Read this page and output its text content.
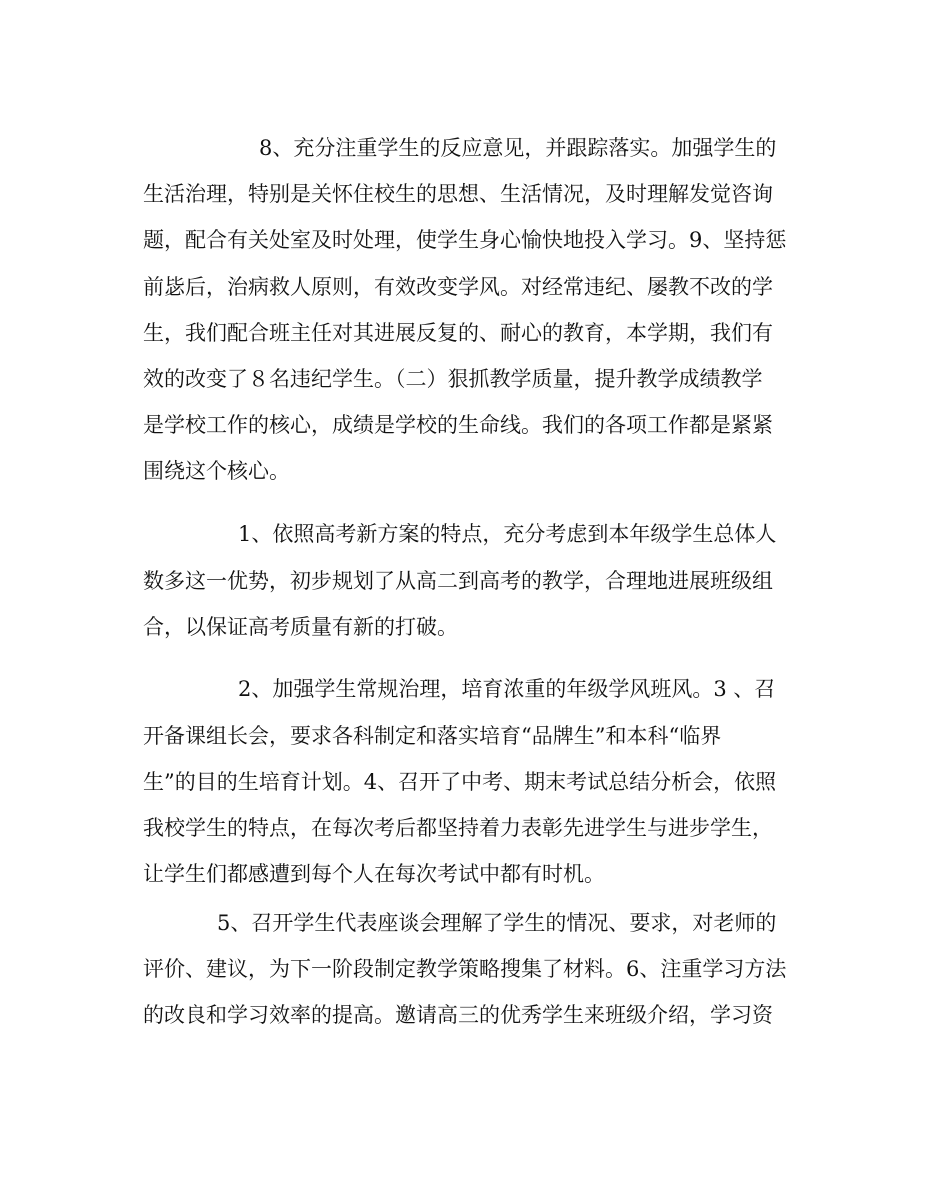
8、充分注重学生的反应意见，并跟踪落实。加强学生的
生活治理，特别是关怀住校生的思想、生活情况，及时理解发觉咨询
题，配合有关处室及时处理，使学生身心愉快地投入学习。9、坚持惩
前毖后，治病救人原则，有效改变学风。对经常违纪、屡教不改的学
生，我们配合班主任对其进展反复的、耐心的教育，本学期，我们有
效的改变了８名违纪学生。（二）狠抓教学质量，提升教学成绩教学
是学校工作的核心，成绩是学校的生命线。我们的各项工作都是紧紧
围绕这个核心。
1、依照高考新方案的特点，充分考虑到本年级学生总体人
数多这一优势，初步规划了从高二到高考的教学，合理地进展班级组
合，以保证高考质量有新的打破。
2、加强学生常规治理，培育浓重的年级学风班风。3 、召
开备课组长会，要求各科制定和落实培育“品牌生”和本科“临界
生”的目的生培育计划。4、召开了中考、期末考试总结分析会，依照
我校学生的特点，在每次考后都坚持着力表彰先进学生与进步学生，
让学生们都感遭到每个人在每次考试中都有时机。
5、召开学生代表座谈会理解了学生的情况、要求，对老师的
评价、建议，为下一阶段制定教学策略搜集了材料。6、注重学习方法
的改良和学习效率的提高。邀请高三的优秀学生来班级介绍，学习资
